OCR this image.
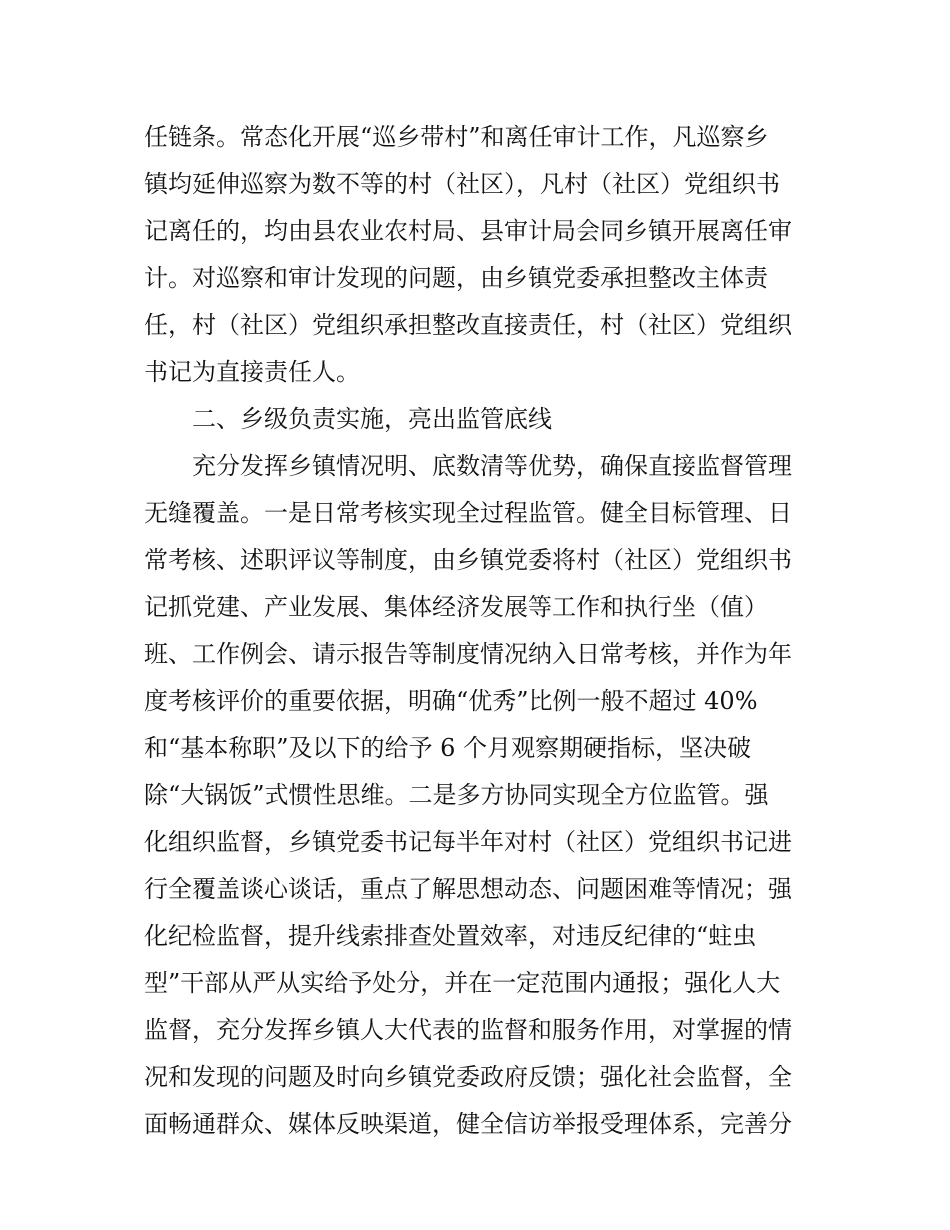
任链条。常态化开展“巡乡带村”和离任审计工作，凡巡察乡
镇均延伸巡察为数不等的村（社区），凡村（社区）党组织书
记离任的，均由县农业农村局、县审计局会同乡镇开展离任审
计。对巡察和审计发现的问题，由乡镇党委承担整改主体责
任，村（社区）党组织承担整改直接责任，村（社区）党组织
书记为直接责任人。
二、乡级负责实施，亮出监管底线
充分发挥乡镇情况明、底数清等优势，确保直接监督管理
无缝覆盖。一是日常考核实现全过程监管。健全目标管理、日
常考核、述职评议等制度，由乡镇党委将村（社区）党组织书
记抓党建、产业发展、集体经济发展等工作和执行坐（值）
班、工作例会、请示报告等制度情况纳入日常考核，并作为年
度考核评价的重要依据，明确“优秀”比例一般不超过 40%
和“基本称职”及以下的给予 6 个月观察期硬指标，坚决破
除“大锅饭”式惯性思维。二是多方协同实现全方位监管。强
化组织监督，乡镇党委书记每半年对村（社区）党组织书记进
行全覆盖谈心谈话，重点了解思想动态、问题困难等情况；强
化纪检监督，提升线索排查处置效率，对违反纪律的“蛀虫
型”干部从严从实给予处分，并在一定范围内通报；强化人大
监督，充分发挥乡镇人大代表的监督和服务作用，对掌握的情
况和发现的问题及时向乡镇党委政府反馈；强化社会监督，全
面畅通群众、媒体反映渠道，健全信访举报受理体系，完善分
